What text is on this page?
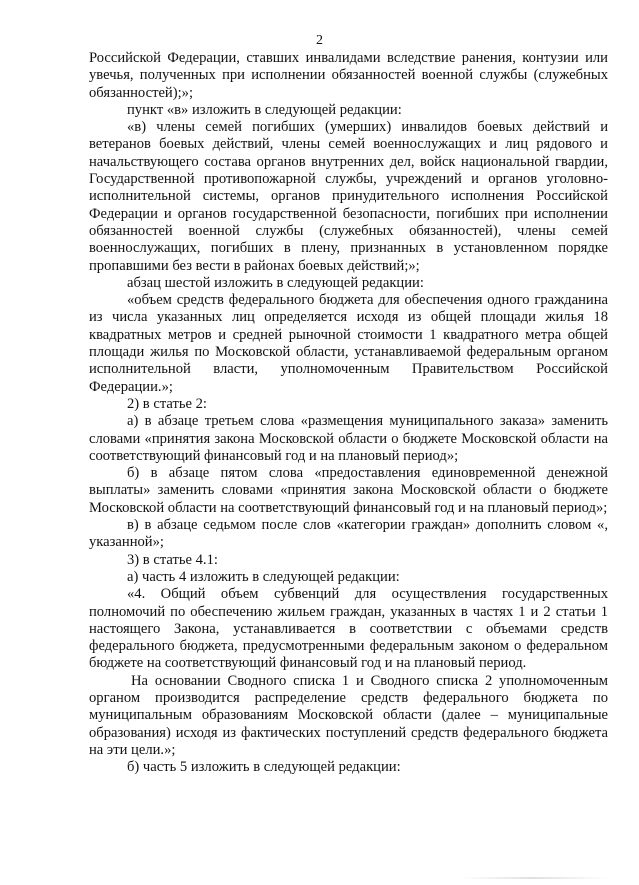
2

Российской Федерации, ставших инвалидами вследствие ранения, контузии или увечья, полученных при исполнении обязанностей военной службы (служебных обязанностей);»;

пункт «в» изложить в следующей редакции:

«в) члены семей погибших (умерших) инвалидов боевых действий и ветеранов боевых действий, члены семей военнослужащих и лиц рядового и начальствующего состава органов внутренних дел, войск национальной гвардии, Государственной противопожарной службы, учреждений и органов уголовно-исполнительной системы, органов принудительного исполнения Российской Федерации и органов государственной безопасности, погибших при исполнении обязанностей военной службы (служебных обязанностей), члены семей военнослужащих, погибших в плену, признанных в установленном порядке пропавшими без вести в районах боевых действий;»;

абзац шестой изложить в следующей редакции:

«объем средств федерального бюджета для обеспечения одного гражданина из числа указанных лиц определяется исходя из общей площади жилья 18 квадратных метров и средней рыночной стоимости 1 квадратного метра общей площади жилья по Московской области, устанавливаемой федеральным органом исполнительной власти, уполномоченным Правительством Российской Федерации.»;

2) в статье 2:

а) в абзаце третьем слова «размещения муниципального заказа» заменить словами «принятия закона Московской области о бюджете Московской области на соответствующий финансовый год и на плановый период»;

б) в абзаце пятом слова «предоставления единовременной денежной выплаты» заменить словами «принятия закона Московской области о бюджете Московской области на соответствующий финансовый год и на плановый период»;

в) в абзаце седьмом после слов «категории граждан» дополнить словом «, указанной»;

3) в статье 4.1:

а) часть 4 изложить в следующей редакции:

«4. Общий объем субвенций для осуществления государственных полномочий по обеспечению жильем граждан, указанных в частях 1 и 2 статьи 1 настоящего Закона, устанавливается в соответствии с объемами средств федерального бюджета, предусмотренными федеральным законом о федеральном бюджете на соответствующий финансовый год и на плановый период.

На основании Сводного списка 1 и Сводного списка 2 уполномоченным органом производится распределение средств федерального бюджета по муниципальным образованиям Московской области (далее – муниципальные образования) исходя из фактических поступлений средств федерального бюджета на эти цели.»;

б) часть 5 изложить в следующей редакции:
